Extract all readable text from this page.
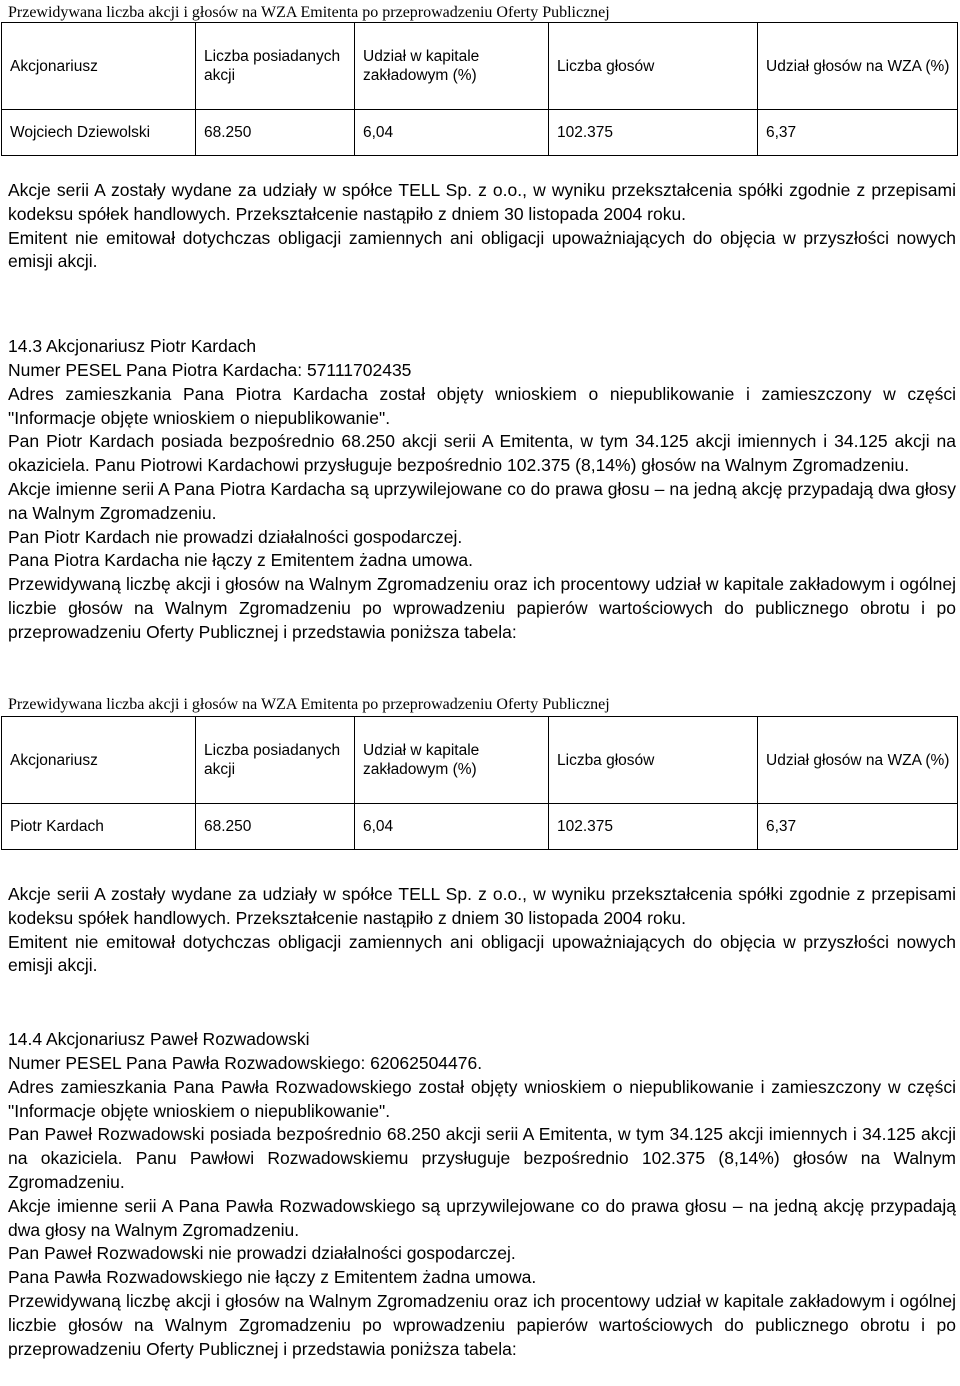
Przewidywana liczba akcji i głosów na WZA Emitenta po przeprowadzeniu Oferty Publicznej
Akcjonariusz	Liczba posiadanych akcji	Udział w kapitale zakładowym (%)	Liczba głosów	Udział głosów na WZA (%)
Wojciech Dziewolski	68.250	6,04	102.375	6,37

Akcje serii A zostały wydane za udziały w spółce TELL Sp. z o.o., w wyniku przekształcenia spółki zgodnie z przepisami kodeksu spółek handlowych. Przekształcenie nastąpiło z dniem 30 listopada 2004 roku.

Emitent nie emitował dotychczas obligacji zamiennych ani obligacji upoważniających do objęcia w przyszłości nowych emisji akcji.

14.3 Akcjonariusz Piotr Kardach

Numer PESEL Pana Piotra Kardacha: 57111702435

Adres zamieszkania Pana Piotra Kardacha został objęty wnioskiem o niepublikowanie i zamieszczony w części "Informacje objęte wnioskiem o niepublikowanie".

Pan Piotr Kardach posiada bezpośrednio 68.250 akcji serii A Emitenta, w tym 34.125 akcji imiennych i 34.125 akcji na okaziciela. Panu Piotrowi Kardachowi przysługuje bezpośrednio 102.375 (8,14%) głosów na Walnym Zgromadzeniu.

Akcje imienne serii A Pana Piotra Kardacha są uprzywilejowane co do prawa głosu – na jedną akcję przypadają dwa głosy na Walnym Zgromadzeniu.

Pan Piotr Kardach nie prowadzi działalności gospodarczej.

Pana Piotra Kardacha nie łączy z Emitentem żadna umowa.

Przewidywaną liczbę akcji i głosów na Walnym Zgromadzeniu oraz ich procentowy udział w kapitale zakładowym i ogólnej liczbie głosów na Walnym Zgromadzeniu po wprowadzeniu papierów wartościowych do publicznego obrotu i po przeprowadzeniu Oferty Publicznej i przedstawia poniższa tabela:

Przewidywana liczba akcji i głosów na WZA Emitenta po przeprowadzeniu Oferty Publicznej
Akcjonariusz	Liczba posiadanych akcji	Udział w kapitale zakładowym (%)	Liczba głosów	Udział głosów na WZA (%)
Piotr Kardach	68.250	6,04	102.375	6,37

Akcje serii A zostały wydane za udziały w spółce TELL Sp. z o.o., w wyniku przekształcenia spółki zgodnie z przepisami kodeksu spółek handlowych. Przekształcenie nastąpiło z dniem 30 listopada 2004 roku.

Emitent nie emitował dotychczas obligacji zamiennych ani obligacji upoważniających do objęcia w przyszłości nowych emisji akcji.

14.4 Akcjonariusz Paweł Rozwadowski

Numer PESEL Pana Pawła Rozwadowskiego: 62062504476.

Adres zamieszkania Pana Pawła Rozwadowskiego został objęty wnioskiem o niepublikowanie i zamieszczony w części "Informacje objęte wnioskiem o niepublikowanie".

Pan Paweł Rozwadowski posiada bezpośrednio 68.250 akcji serii A Emitenta, w tym 34.125 akcji imiennych i 34.125 akcji na okaziciela. Panu Pawłowi Rozwadowskiemu przysługuje bezpośrednio 102.375 (8,14%) głosów na Walnym Zgromadzeniu.

Akcje imienne serii A Pana Pawła Rozwadowskiego są uprzywilejowane co do prawa głosu – na jedną akcję przypadają dwa głosy na Walnym Zgromadzeniu.

Pan Paweł Rozwadowski nie prowadzi działalności gospodarczej.

Pana Pawła Rozwadowskiego nie łączy z Emitentem żadna umowa.

Przewidywaną liczbę akcji i głosów na Walnym Zgromadzeniu oraz ich procentowy udział w kapitale zakładowym i ogólnej liczbie głosów na Walnym Zgromadzeniu po wprowadzeniu papierów wartościowych do publicznego obrotu i po przeprowadzeniu Oferty Publicznej i przedstawia poniższa tabela:
